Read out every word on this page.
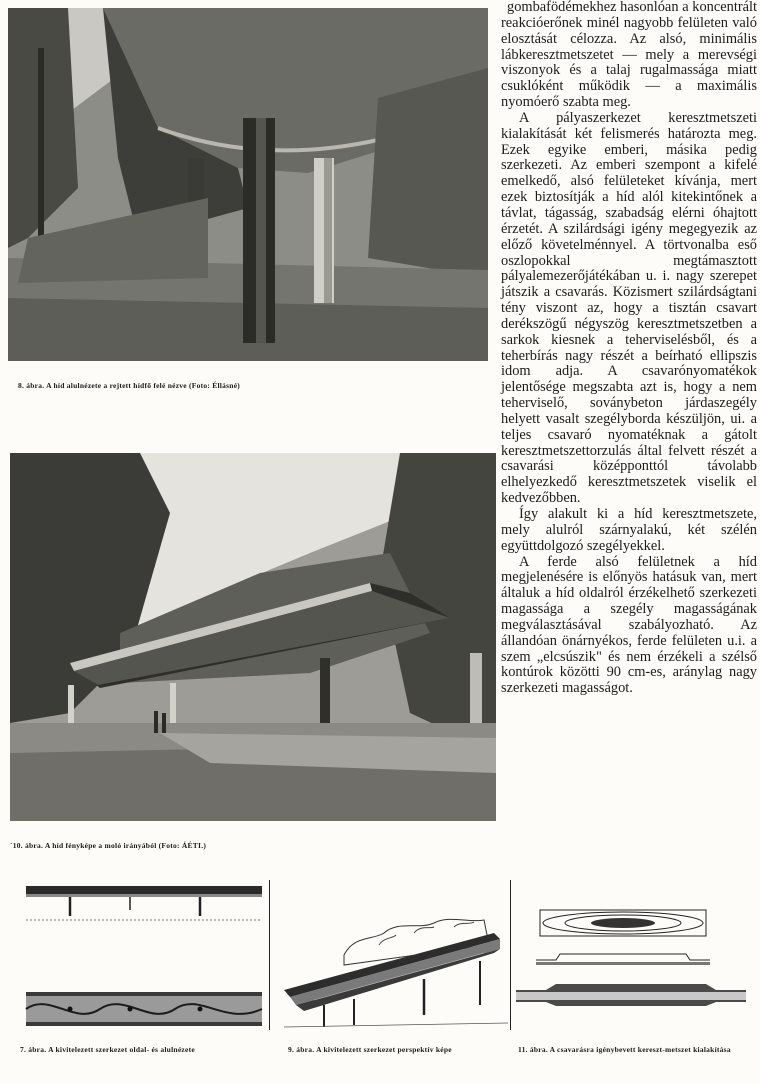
8. ábra. A híd alulnézete a rejtett hídfő felé nézve (Foto: Éllásné)

`10. ábra. A híd fényképe a moló irányából (Foto: ÁÉTI.)

gombafödémekhez hasonlóan a koncentrált reakcióerőnek minél nagyobb felületen való elosztását célozza. Az alsó, minimális lábkeresztmetszetet — mely a merevségi viszonyok és a talaj rugalmassága miatt csuklóként működik — a maximális nyomóerő szabta meg.

A pályaszerkezet keresztmetszeti kialakítását két felismerés határozta meg. Ezek egyike emberi, másika pedig szerkezeti. Az emberi szempont a kifelé emelkedő, alsó felületeket kívánja, mert ezek biztosítják a híd alól kitekintőnek a távlat, tágasság, szabadság elérni óhajtott érzetét. A szilárdsági igény megegyezik az előző követelménnyel. A törtvonalba eső oszlopokkal megtámasztott pályalemezerőjátékában u. i. nagy szerepet játszik a csavarás. Közismert szilárdságtani tény viszont az, hogy a tisztán csavart derékszögű négyszög keresztmetszetben a sarkok kiesnek a teherviselésből, és a teherbírás nagy részét a beírható ellipszis idom adja. A csavarónyomatékok jelentősége megszabta azt is, hogy a nem teherviselő, soványbeton járdaszegély helyett vasalt szegélyborda készüljön, ui. a teljes csavaró nyomatéknak a gátolt keresztmetszettorzulás által felvett részét a csavarási középponttól távolabb elhelyezkedő keresztmetszetek viselik el kedvezőbben.

Így alakult ki a híd keresztmetszete, mely alulról szárnyalakú, két szélén együttdolgozó szegélyekkel.

A ferde alsó felületnek a híd megjelenésére is előnyös hatásuk van, mert általuk a híd oldalról érzékelhető szerkezeti magassága a szegély magasságának megválasztásával szabályozható. Az állandóan önárnyékos, ferde felületen u.i. a szem „elcsúszik" és nem érzékeli a szélső kontúrok közötti 90 cm-es, aránylag nagy szerkezeti magasságot.

7. ábra. A kivitelezett szerkezet oldal- és alulnézete	9. ábra. A kivitelezett szerkezet perspektív képe	11. ábra. A csavarásra igénybevett kereszt-metszet kialakítása
